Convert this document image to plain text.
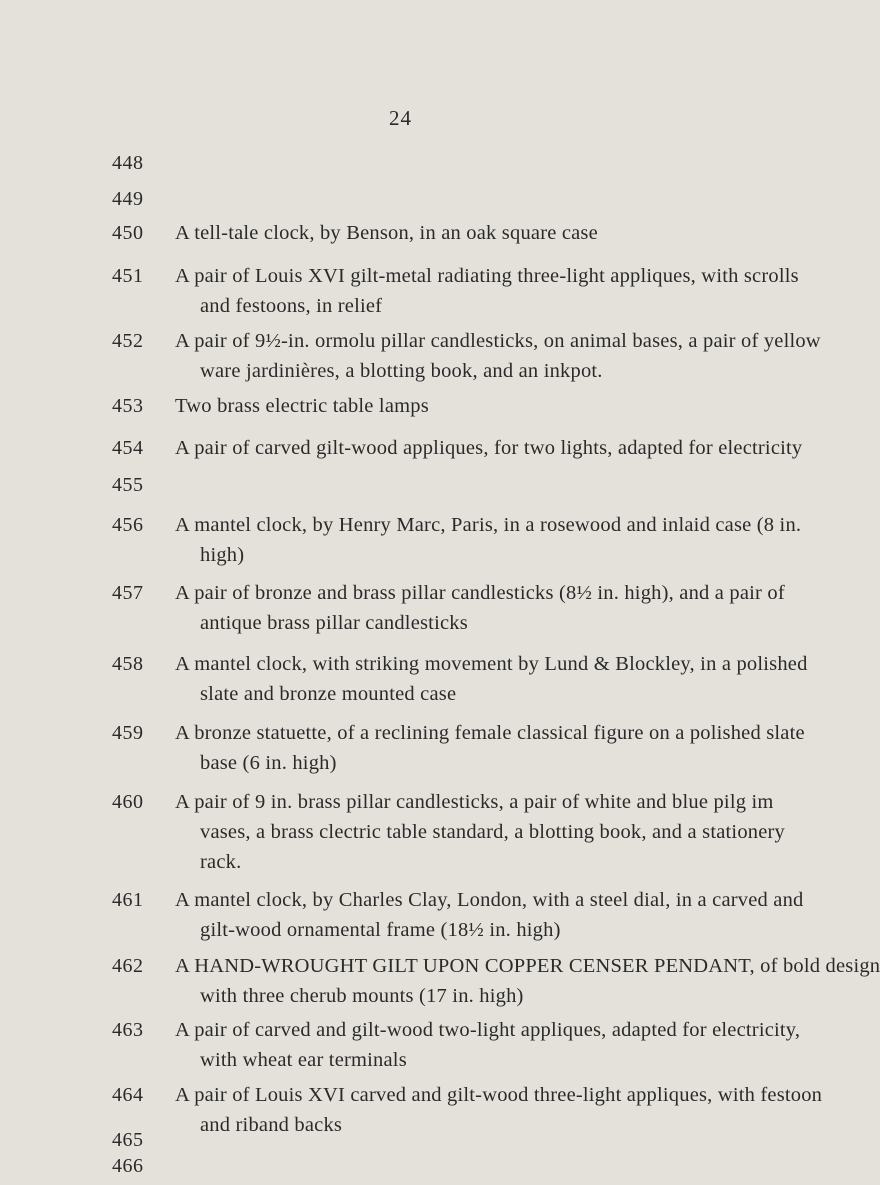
24
448
449
450 A tell-tale clock, by Benson, in an oak square case
451 A pair of Louis XVI gilt-metal radiating three-light appliques, with scrolls
and festoons, in relief
452 A pair of 9½-in. ormolu pillar candlesticks, on animal bases, a pair of yellow
ware jardinières, a blotting book, and an inkpot.
453 Two brass electric table lamps
454 A pair of carved gilt-wood appliques, for two lights, adapted for electricity
455
456 A mantel clock, by Henry Marc, Paris, in a rosewood and inlaid case (8 in.
high)
457 A pair of bronze and brass pillar candlesticks (8½ in. high), and a pair of
antique brass pillar candlesticks
458 A mantel clock, with striking movement by Lund & Blockley, in a polished
slate and bronze mounted case
459 A bronze statuette, of a reclining female classical figure on a polished slate
base (6 in. high)
460 A pair of 9 in. brass pillar candlesticks, a pair of white and blue pilg im
vases, a brass clectric table standard, a blotting book, and a stationery
rack.
461 A mantel clock, by Charles Clay, London, with a steel dial, in a carved and
gilt-wood ornamental frame (18½ in. high)
462 A HAND-WROUGHT GILT UPON COPPER CENSER PENDANT, of bold design
with three cherub mounts (17 in. high)
463 A pair of carved and gilt-wood two-light appliques, adapted for electricity,
with wheat ear terminals
464 A pair of Louis XVI carved and gilt-wood three-light appliques, with festoon
and riband backs
465
466
